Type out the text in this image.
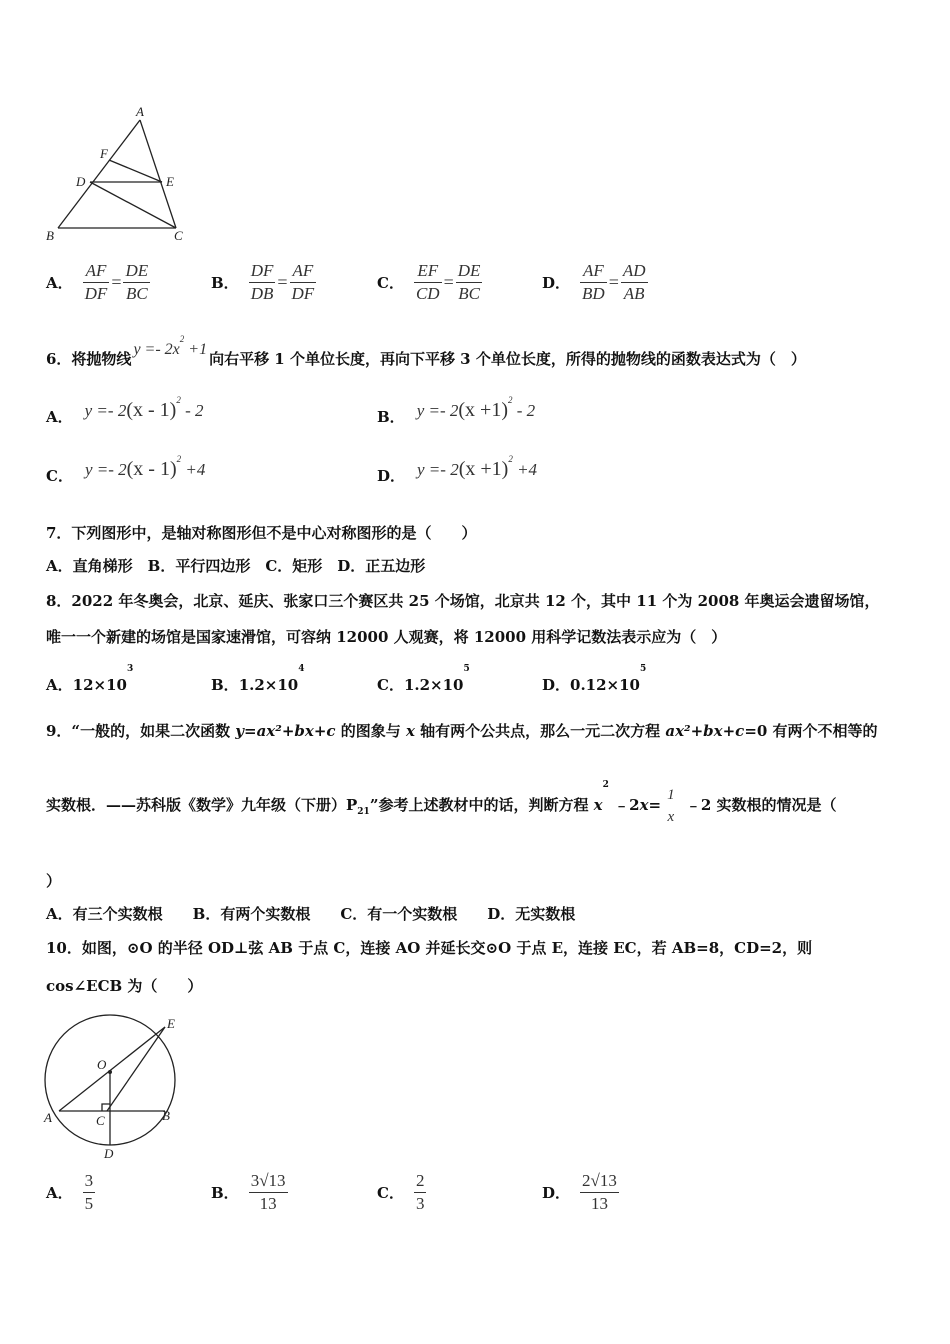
A
F
D	E
B	C
A． $\frac{AF}{DF} = \frac{DE}{BC}$	B． $\frac{DF}{DB} = \frac{AF}{DF}$	C． $\frac{EF}{CD} = \frac{DE}{BC}$	D． $\frac{AF}{BD} = \frac{AD}{AB}$
6．将抛物线$y =- 2x^2 +1$向右平移 1 个单位长度，再向下平移 3 个单位长度，所得的抛物线的函数表达式为（　）
A． y =- 2(x - 1)$^2$ - 2	B． $y =- 2(x +1)^2 - 2$
C． y =- 2(x - 1)$^2$ +4	D． $y =- 2(x +1)^2 +4$
7．下列图形中，是轴对称图形但不是中心对称图形的是（　　）
A．直角梯形　B．平行四边形　C．矩形　D．正五边形
8．2022 年冬奥会，北京、延庆、张家口三个赛区共 25 个场馆，北京共 12 个，其中 11 个为 2008 年奥运会遗留场馆，
唯一一个新建的场馆是国家速滑馆，可容纳 12000 人观赛，将 12000 用科学记数法表示应为（　）
A．$12\times 10^3$
B．$1.2\times 10^4$
C．$1.2\times 10^5$
D．$0.12\times 10^5$
9．“一般的，如果二次函数 y=ax²+bx+c 的图象与 x 轴有两个公共点，那么一元二次方程 ax²+bx+c=0 有两个不相等的
实数根．——苏科版《数学》九年级（下册）$P_{21}$”参考上述教材中的话，判断方程 $x^2$ ﹣2x=
1
x
﹣2 实数根的情况是（
）
A．有三个实数根　　B．有两个实数根　　C．有一个实数根　　D．无实数根
10．如图，⊙O 的半径 OD⊥弦 AB 于点 C，连接 AO 并延长交⊙O 于点 E，连接 EC，若 AB=8，CD=2，则
cos∠ECB 为（　　）
E
O
A	C	B
D
A． $\frac{3}{5}$	B． $\frac{3√13}{13}$	C． $\frac{2}{3}$	D． $\frac{2√13}{13}$
